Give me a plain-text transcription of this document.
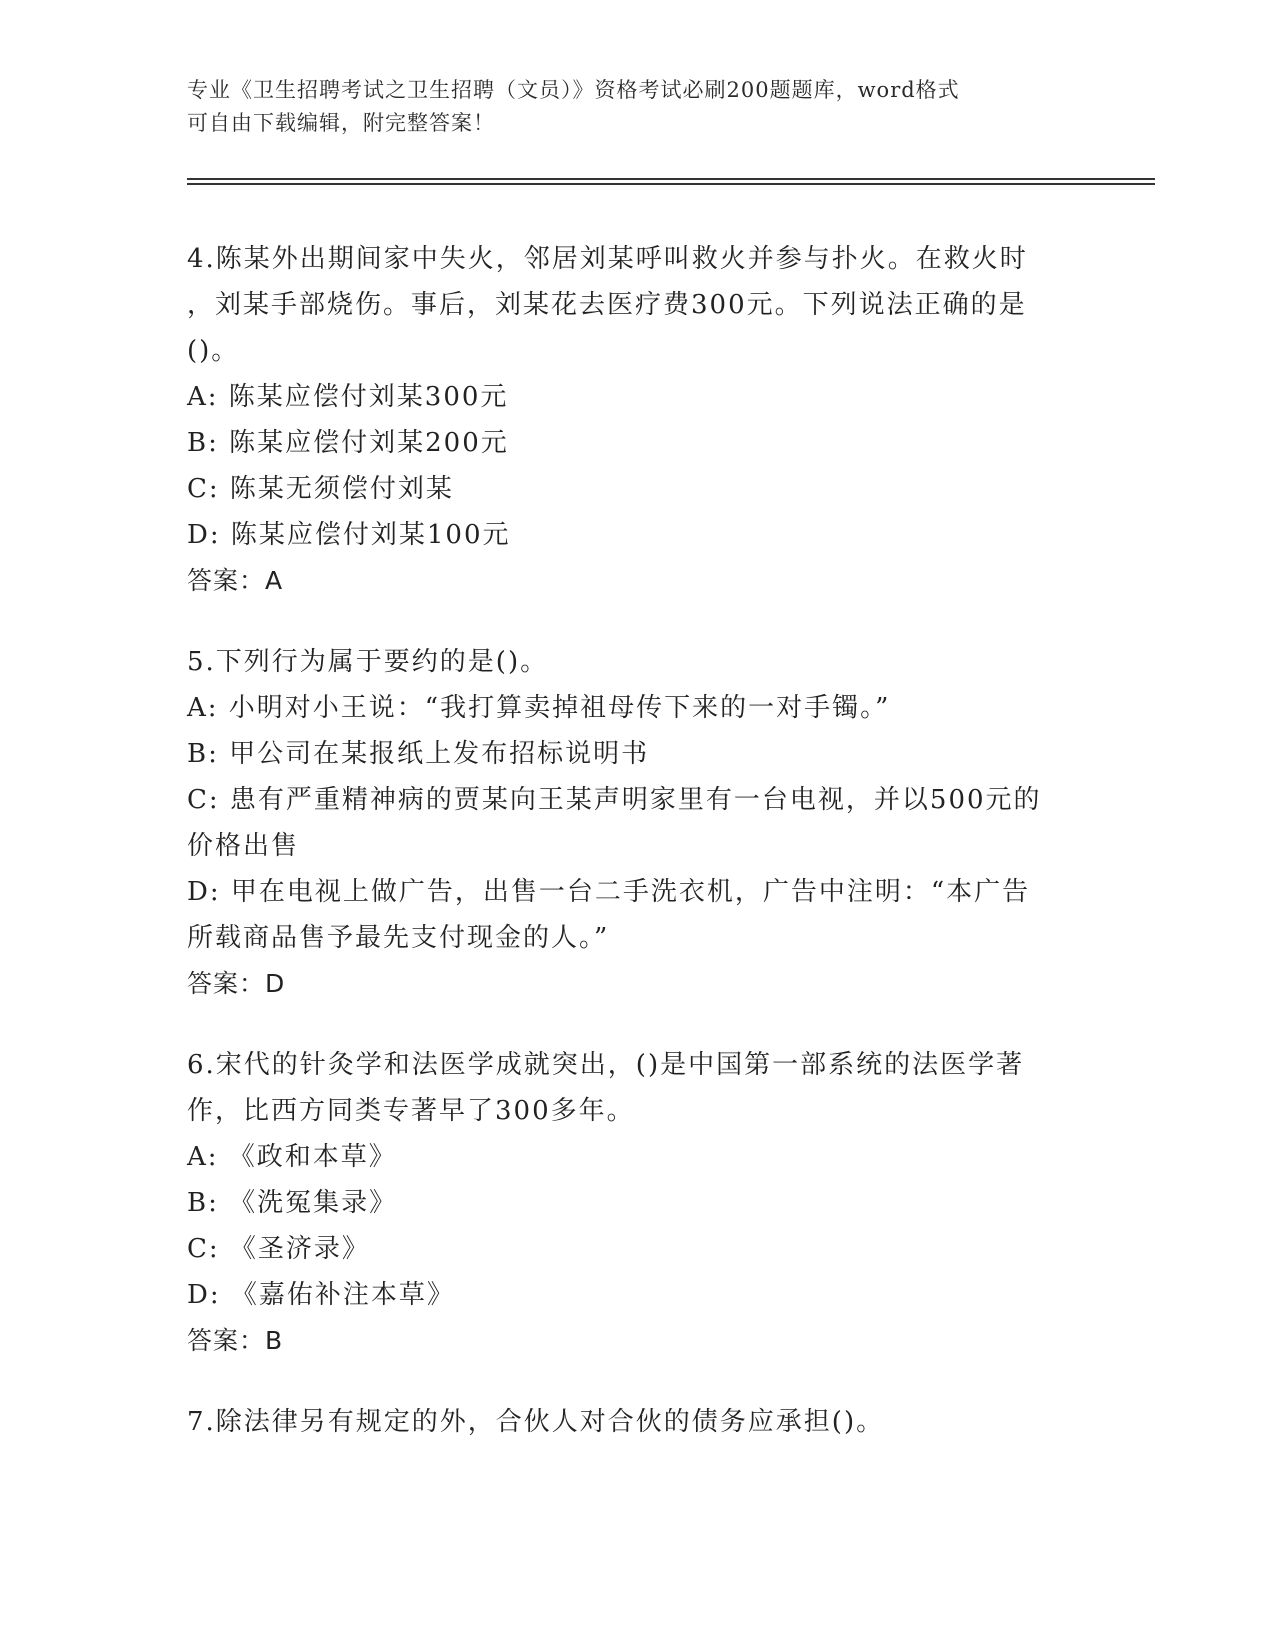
专业《卫生招聘考试之卫生招聘（文员）》资格考试必刷200题题库，word格式
可自由下载编辑，附完整答案！
4.陈某外出期间家中失火，邻居刘某呼叫救火并参与扑火。在救火时
，刘某手部烧伤。事后，刘某花去医疗费300元。下列说法正确的是
()。
A: 陈某应偿付刘某300元
B: 陈某应偿付刘某200元
C: 陈某无须偿付刘某
D: 陈某应偿付刘某100元
答案：A
5.下列行为属于要约的是()。
A: 小明对小王说：“我打算卖掉祖母传下来的一对手镯。”
B: 甲公司在某报纸上发布招标说明书
C: 患有严重精神病的贾某向王某声明家里有一台电视，并以500元的
价格出售
D: 甲在电视上做广告，出售一台二手洗衣机，广告中注明：“本广告
所载商品售予最先支付现金的人。”
答案：D
6.宋代的针灸学和法医学成就突出，()是中国第一部系统的法医学著
作，比西方同类专著早了300多年。
A: 《政和本草》
B: 《洗冤集录》
C: 《圣济录》
D: 《嘉佑补注本草》
答案：B
7.除法律另有规定的外，合伙人对合伙的债务应承担()。
